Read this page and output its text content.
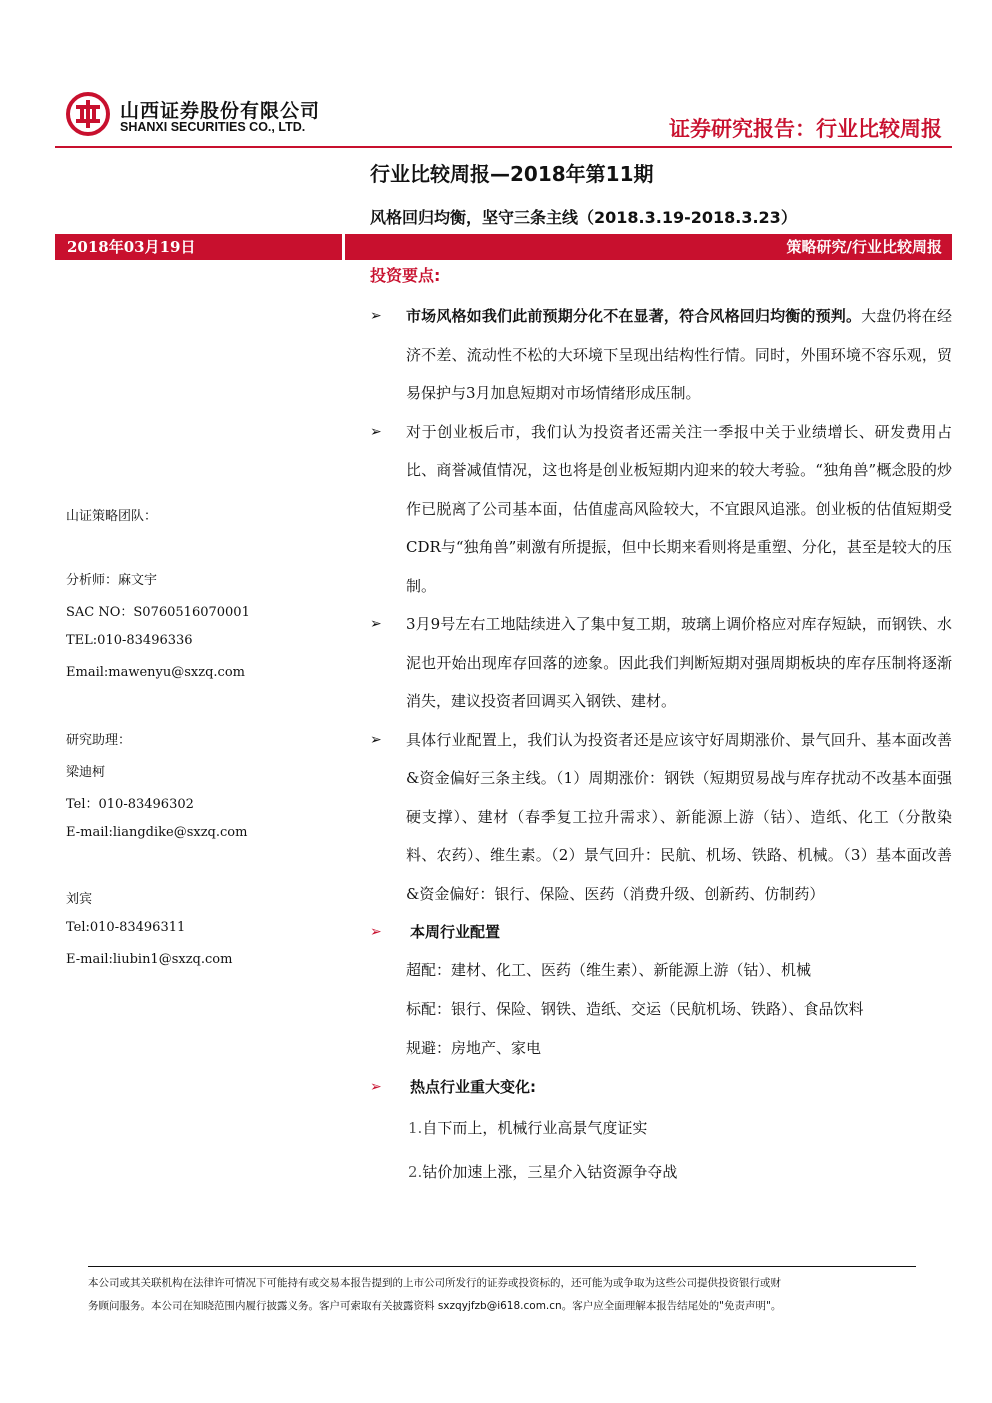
山西证券股份有限公司
SHANXI SECURITIES CO., LTD.	证券研究报告：行业比较周报
行业比较周报—2018年第11期
风格回归均衡，坚守三条主线（2018.3.19-2018.3.23）
2018年03月19日	策略研究/行业比较周报
山证策略团队：
分析师：麻文宇
SAC NO：S0760516070001
TEL:010-83496336
Email:mawenyu@sxzq.com
研究助理：
梁迪柯
Tel：010-83496302
E-mail:liangdike@sxzq.com
刘宾
Tel:010-83496311
E-mail:liubin1@sxzq.com
投资要点:
➢ 市场风格如我们此前预期分化不在显著，符合风格回归均衡的预判。大盘仍将在经济不差、流动性不松的大环境下呈现出结构性行情。同时，外围环境不容乐观，贸易保护与3月加息短期对市场情绪形成压制。
➢ 对于创业板后市，我们认为投资者还需关注一季报中关于业绩增长、研发费用占比、商誉减值情况，这也将是创业板短期内迎来的较大考验。“独角兽”概念股的炒作已脱离了公司基本面，估值虚高风险较大，不宜跟风追涨。创业板的估值短期受CDR与“独角兽”刺激有所提振，但中长期来看则将是重塑、分化，甚至是较大的压制。
➢ 3月9号左右工地陆续进入了集中复工期，玻璃上调价格应对库存短缺，而钢铁、水泥也开始出现库存回落的迹象。因此我们判断短期对强周期板块的库存压制将逐渐消失，建议投资者回调买入钢铁、建材。
➢ 具体行业配置上，我们认为投资者还是应该守好周期涨价、景气回升、基本面改善&资金偏好三条主线。（1）周期涨价：钢铁（短期贸易战与库存扰动不改基本面强硬支撑）、建材（春季复工拉升需求）、新能源上游（钴）、造纸、化工（分散染料、农药）、维生素。（2）景气回升：民航、机场、铁路、机械。（3）基本面改善&资金偏好：银行、保险、医药（消费升级、创新药、仿制药）
➢ 本周行业配置
超配：建材、化工、医药（维生素）、新能源上游（钴）、机械
标配：银行、保险、钢铁、造纸、交运（民航机场、铁路）、食品饮料
规避：房地产、家电
➢ 热点行业重大变化:
1.自下而上，机械行业高景气度证实
2.钴价加速上涨，三星介入钴资源争夺战
本公司或其关联机构在法律许可情况下可能持有或交易本报告提到的上市公司所发行的证券或投资标的，还可能为或争取为这些公司提供投资银行或财
务顾问服务。本公司在知晓范围内履行披露义务。客户可索取有关披露资料 sxzqyjfzb@i618.com.cn。客户应全面理解本报告结尾处的"免责声明"。
